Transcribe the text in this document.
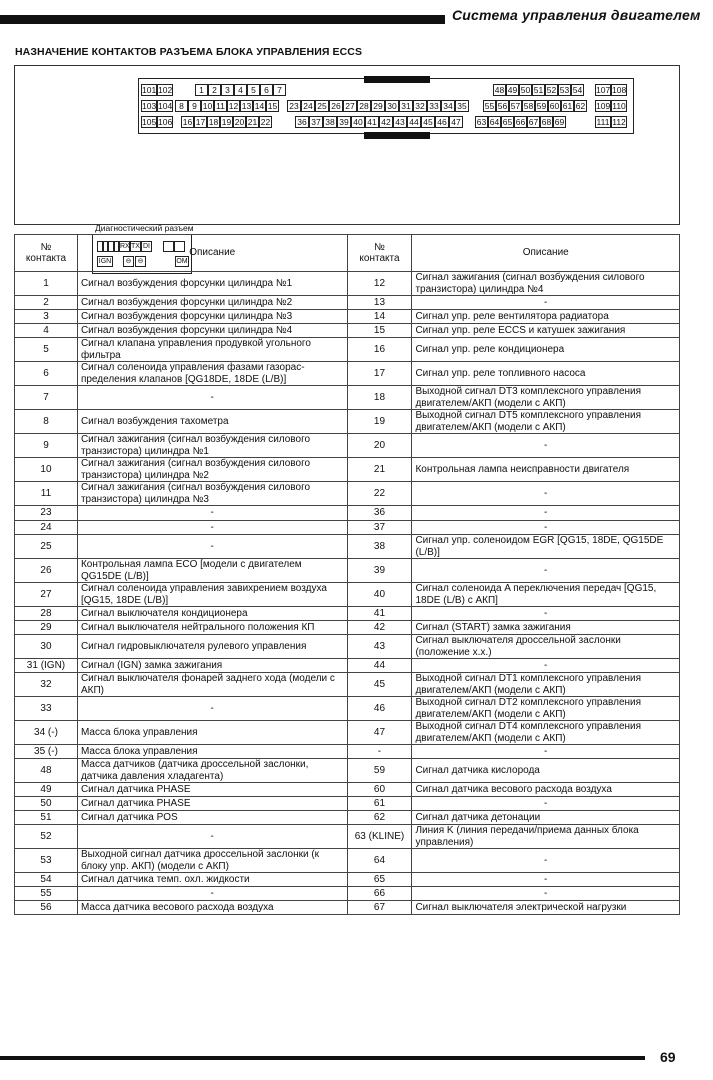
Система управления двигателем
НАЗНАЧЕНИЕ КОНТАКТОВ РАЗЪЕМА БЛОКА УПРАВЛЕНИЯ ECCS
101 102	1 2 3 4 5 6 7	48 49 50 51 52 53 54 107 108
103 104 8 9 10 11 12 13 14 15 23 24 25 26 27 28 29 30 31 32 33 34 35 55 56 57 58 59 60 61 62 109 110
105 106 16 17 18 19 20 21 22	36 37 38 39 40 41 42 43 44 45 46 47 63 64 65 66 67 68 69	111 112
Диагностический разъем
RX TX DI
IGN	⊖ ⊖	OM
№
контакта	Описание	№
контакта	Описание
1	Сигнал возбуждения форсунки цилиндра №1	12	Сигнал зажигания (сигнал возбуждения силового транзистора) цилиндра №4
2	Сигнал возбуждения форсунки цилиндра №2	13	-
3	Сигнал возбуждения форсунки цилиндра №3	14	Сигнал упр. реле вентилятора радиатора
4	Сигнал возбуждения форсунки цилиндра №4	15	Сигнал упр. реле ECCS и катушек зажигания
5	Сигнал клапана управления продувкой угольного фильтра	16	Сигнал упр. реле кондиционера
6	Сигнал соленоида управления фазами газорас-пределения клапанов [QG18DE, 18DE (L/B)]	17	Сигнал упр. реле топливного насоса
7	-	18	Выходной сигнал DT3 комплексного управления двигателем/АКП (модели с АКП)
8	Сигнал возбуждения тахометра	19	Выходной сигнал DT5 комплексного управления двигателем/АКП (модели с АКП)
9	Сигнал зажигания (сигнал возбуждения силового транзистора) цилиндра №1	20	-
10	Сигнал зажигания (сигнал возбуждения силового транзистора) цилиндра №2	21	Контрольная лампа неисправности двигателя
11	Сигнал зажигания (сигнал возбуждения силового транзистора) цилиндра №3	22	-
23	-	36	-
24	-	37	-
25	-	38	Сигнал упр. соленоидом EGR [QG15, 18DE, QG15DE (L/B)]
26	Контрольная лампа ECO [модели с двигателем QG15DE (L/B)]	39	-
27	Сигнал соленоида управления завихрением воздуха [QG15, 18DE (L/B)]	40	Сигнал соленоида A переключения передач [QG15, 18DE (L/B) с АКП]
28	Сигнал выключателя кондиционера	41	-
29	Сигнал выключателя нейтрального положения КП	42	Сигнал (START) замка зажигания
30	Сигнал гидровыключателя рулевого управления	43	Сигнал выключателя дроссельной заслонки (положение х.х.)
31 (IGN)	Сигнал (IGN) замка зажигания	44	-
32	Сигнал выключателя фонарей заднего хода (модели с АКП)	45	Выходной сигнал DT1 комплексного управления двигателем/АКП (модели с АКП)
33	-	46	Выходной сигнал DT2 комплексного управления двигателем/АКП (модели с АКП)
34 (-)	Масса блока управления	47	Выходной сигнал DT4 комплексного управления двигателем/АКП (модели с АКП)
35 (-)	Масса блока управления	-	-
48	Масса датчиков (датчика дроссельной заслонки, датчика давления хладагента)	59	Сигнал датчика кислорода
49	Сигнал датчика PHASE	60	Сигнал датчика весового расхода воздуха
50	Сигнал датчика PHASE	61	-
51	Сигнал датчика POS	62	Сигнал датчика детонации
52	-	63 (KLINE)	Линия K (линия передачи/приема данных блока управления)
53	Выходной сигнал датчика дроссельной заслонки (к блоку упр. АКП) (модели с АКП)	64	-
54	Сигнал датчика темп. охл. жидкости	65	-
55	-	66	-
56	Масса датчика весового расхода воздуха	67	Сигнал выключателя электрической нагрузки
69
